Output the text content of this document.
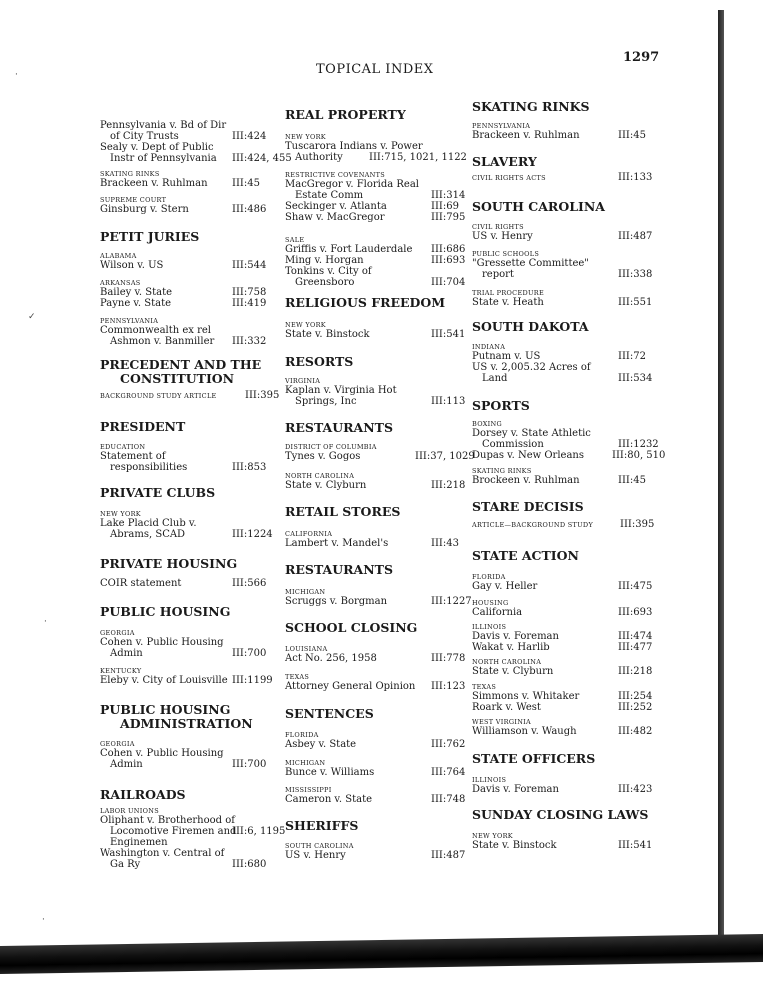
TOPICAL INDEX
1297
Pennsylvania v. Bd of Dir
of City Trusts	III:424
Sealy v. Dept of Public
Instr of Pennsylvania	III:424, 455
SKATING RINKS
Brackeen v. Ruhlman III:45
SUPREME COURT
Ginsburg v. Stern	III:486
PETIT JURIES
ALABAMA
Wilson v. US	III:544
ARKANSAS
Bailey v. State	III:758
Payne v. State	III:419
PENNSYLVANIA
Commonwealth ex rel
Ashmon v. Banmiller III:332
PRECEDENT AND THE
CONSTITUTION
BACKGROUND STUDY ARTICLE	III:395
PRESIDENT
EDUCATION
Statement of
responsibilities	III:853
PRIVATE CLUBS
NEW YORK
Lake Placid Club v.
Abrams, SCAD	III:1224
PRIVATE HOUSING
COIR statement	III:566
PUBLIC HOUSING
GEORGIA
Cohen v. Public Housing
Admin	III:700
KENTUCKY
Eleby v. City of Louisville III:1199
PUBLIC HOUSING
ADMINISTRATION
GEORGIA
Cohen v. Public Housing
Admin	III:700
RAILROADS
LABOR UNIONS
Oliphant v. Brotherhood of
Locomotive Firemen and
Enginemen
III:6, 1195
Washington v. Central of
Ga Ry	III:680
REAL PROPERTY
NEW YORK
Tuscarora Indians v. Power
Authority	III:715, 1021, 1122
RESTRICTIVE COVENANTS
MacGregor v. Florida Real
Estate Comm	III:314
Seckinger v. Atlanta	III:69
Shaw v. MacGregor	III:795
SALE
Griffis v. Fort Lauderdale III:686
Ming v. Horgan	III:693
Tonkins v. City of
Greensboro	III:704
RELIGIOUS FREEDOM
NEW YORK
State v. Binstock	III:541
RESORTS
VIRGINIA
Kaplan v. Virginia Hot
Springs, Inc	III:113
RESTAURANTS
DISTRICT OF COLUMBIA
Tynes v. Gogos	III:37, 1029
NORTH CAROLINA
State v. Clyburn	III:218
RETAIL STORES
CALIFORNIA
Lambert v. Mandel's	III:43
RESTAURANTS
MICHIGAN
Scruggs v. Borgman	III:1227
SCHOOL CLOSING
LOUISIANA
Act No. 256, 1958	III:778
TEXAS
Attorney General Opinion III:123
SENTENCES
FLORIDA
Asbey v. State	III:762
MICHIGAN
Bunce v. Williams	III:764
MISSISSIPPI
Cameron v. State	III:748
SHERIFFS
SOUTH CAROLINA
US v. Henry	III:487
SKATING RINKS
PENNSYLVANIA
Brackeen v. Ruhlman	III:45
SLAVERY
CIVIL RIGHTS ACTS	III:133
SOUTH CAROLINA
CIVIL RIGHTS
US v. Henry	III:487
PUBLIC SCHOOLS
"Gressette Committee"
report	III:338
TRIAL PROCEDURE
State v. Heath	III:551
SOUTH DAKOTA
INDIANA
Putnam v. US	III:72
US v. 2,005.32 Acres of
Land	III:534
SPORTS
BOXING
Dorsey v. State Athletic
Commission	III:1232
Dupas v. New Orleans	III:80, 510
SKATING RINKS
Brockeen v. Ruhlman	III:45
STARE DECISIS
ARTICLE—BACKGROUND STUDY	III:395
STATE ACTION
FLORIDA
Gay v. Heller	III:475
HOUSING
California	III:693
ILLINOIS
Davis v. Foreman	III:474
Wakat v. Harlib	III:477
NORTH CAROLINA
State v. Clyburn	III:218
TEXAS
Simmons v. Whitaker	III:254
Roark v. West	III:252
WEST VIRGINIA
Williamson v. Waugh	III:482
STATE OFFICERS
ILLINOIS
Davis v. Foreman	III:423
SUNDAY CLOSING LAWS
NEW YORK
State v. Binstock	III:541
·
✓
·
·
